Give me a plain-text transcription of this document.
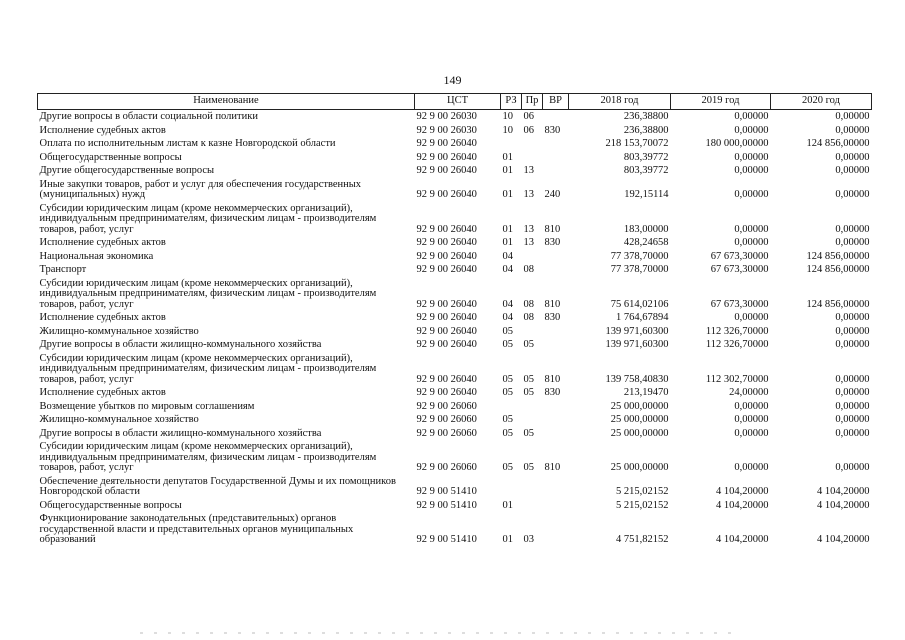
149
Наименование	ЦСТ	РЗ	Пр	ВР	2018 год	2019 год	2020 год
Другие вопросы в области социальной политики	92 9 00 26030	10	06		236,38800	0,00000	0,00000
Исполнение судебных актов	92 9 00 26030	10	06	830	236,38800	0,00000	0,00000
Оплата по исполнительным листам к казне Новгородской области	92 9 00 26040				218 153,70072	180 000,00000	124 856,00000
Общегосударственные вопросы	92 9 00 26040	01			803,39772	0,00000	0,00000
Другие общегосударственные вопросы	92 9 00 26040	01	13		803,39772	0,00000	0,00000
Иные закупки товаров, работ и услуг для обеспечения государственных (муниципальных) нужд	92 9 00 26040	01	13	240	192,15114	0,00000	0,00000
Субсидии юридическим лицам (кроме некоммерческих организаций), индивидуальным предпринимателям, физическим лицам - производителям товаров, работ, услуг	92 9 00 26040	01	13	810	183,00000	0,00000	0,00000
Исполнение судебных актов	92 9 00 26040	01	13	830	428,24658	0,00000	0,00000
Национальная экономика	92 9 00 26040	04			77 378,70000	67 673,30000	124 856,00000
Транспорт	92 9 00 26040	04	08		77 378,70000	67 673,30000	124 856,00000
Субсидии юридическим лицам (кроме некоммерческих организаций), индивидуальным предпринимателям, физическим лицам - производителям товаров, работ, услуг	92 9 00 26040	04	08	810	75 614,02106	67 673,30000	124 856,00000
Исполнение судебных актов	92 9 00 26040	04	08	830	1 764,67894	0,00000	0,00000
Жилищно-коммунальное хозяйство	92 9 00 26040	05			139 971,60300	112 326,70000	0,00000
Другие вопросы в области жилищно-коммунального хозяйства	92 9 00 26040	05	05		139 971,60300	112 326,70000	0,00000
Субсидии юридическим лицам (кроме некоммерческих организаций), индивидуальным предпринимателям, физическим лицам - производителям товаров, работ, услуг	92 9 00 26040	05	05	810	139 758,40830	112 302,70000	0,00000
Исполнение судебных актов	92 9 00 26040	05	05	830	213,19470	24,00000	0,00000
Возмещение убытков по мировым соглашениям	92 9 00 26060				25 000,00000	0,00000	0,00000
Жилищно-коммунальное хозяйство	92 9 00 26060	05			25 000,00000	0,00000	0,00000
Другие вопросы в области жилищно-коммунального хозяйства	92 9 00 26060	05	05		25 000,00000	0,00000	0,00000
Субсидии юридическим лицам (кроме некоммерческих организаций), индивидуальным предпринимателям, физическим лицам - производителям товаров, работ, услуг	92 9 00 26060	05	05	810	25 000,00000	0,00000	0,00000
Обеспечение деятельности депутатов Государственной Думы и их помощников Новгородской области	92 9 00 51410				5 215,02152	4 104,20000	4 104,20000
Общегосударственные вопросы	92 9 00 51410	01			5 215,02152	4 104,20000	4 104,20000
Функционирование законодательных (представительных) органов государственной власти и представительных органов муниципальных образований	92 9 00 51410	01	03		4 751,82152	4 104,20000	4 104,20000
